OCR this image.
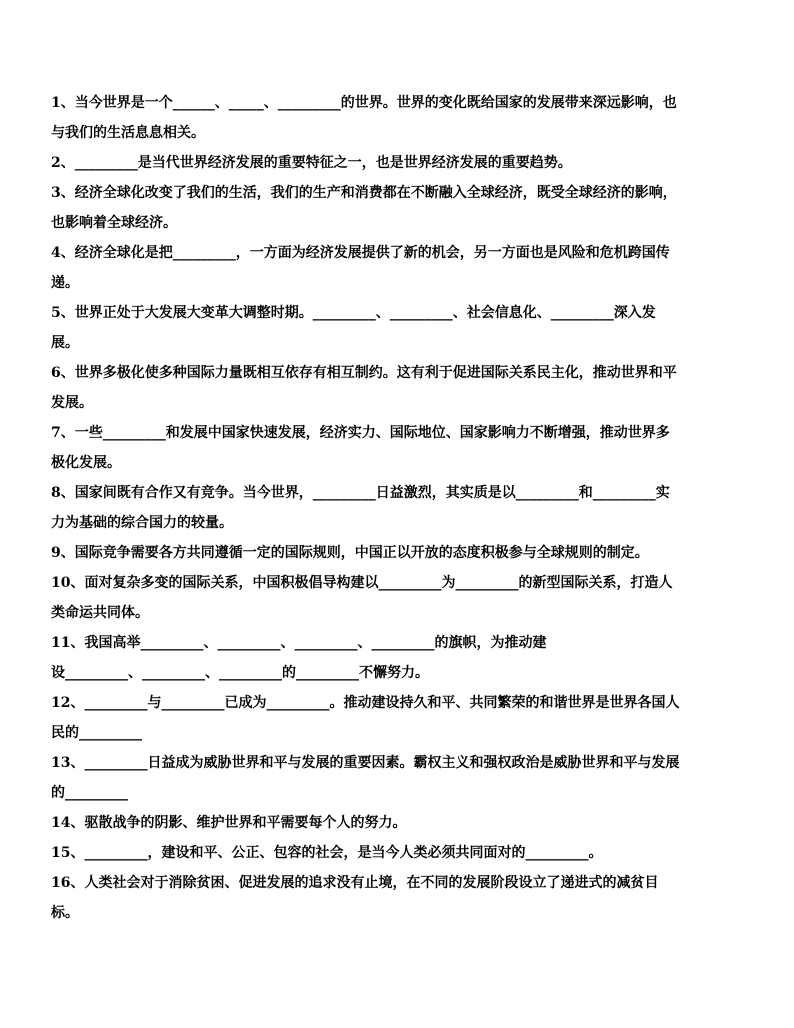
1、当今世界是一个______、_____、_________的世界。世界的变化既给国家的发展带来深远影响，也
与我们的生活息息相关。
2、_________是当代世界经济发展的重要特征之一，也是世界经济发展的重要趋势。
3、经济全球化改变了我们的生活，我们的生产和消费都在不断融入全球经济，既受全球经济的影响，
也影响着全球经济。
4、经济全球化是把_________，一方面为经济发展提供了新的机会，另一方面也是风险和危机跨国传
递。
5、世界正处于大发展大变革大调整时期。_________、_________、社会信息化、_________深入发
展。
6、世界多极化使多种国际力量既相互依存有相互制约。这有利于促进国际关系民主化，推动世界和平
发展。
7、一些_________和发展中国家快速发展，经济实力、国际地位、国家影响力不断增强，推动世界多
极化发展。
8、国家间既有合作又有竞争。当今世界，_________日益激烈，其实质是以_________和_________实
力为基础的综合国力的较量。
9、国际竞争需要各方共同遵循一定的国际规则，中国正以开放的态度积极参与全球规则的制定。
10、面对复杂多变的国际关系，中国积极倡导构建以_________为_________的新型国际关系，打造人
类命运共同体。
11、我国高举_________、_________、_________、_________的旗帜，为推动建
设_________、_________、_________的_________不懈努力。
12、_________与_________已成为_________。推动建设持久和平、共同繁荣的和谐世界是世界各国人
民的_________
13、_________日益成为威胁世界和平与发展的重要因素。霸权主义和强权政治是威胁世界和平与发展
的_________
14、驱散战争的阴影、维护世界和平需要每个人的努力。
15、_________，建设和平、公正、包容的社会，是当今人类必须共同面对的_________。
16、人类社会对于消除贫困、促进发展的追求没有止境，在不同的发展阶段设立了递进式的减贫目
标。
